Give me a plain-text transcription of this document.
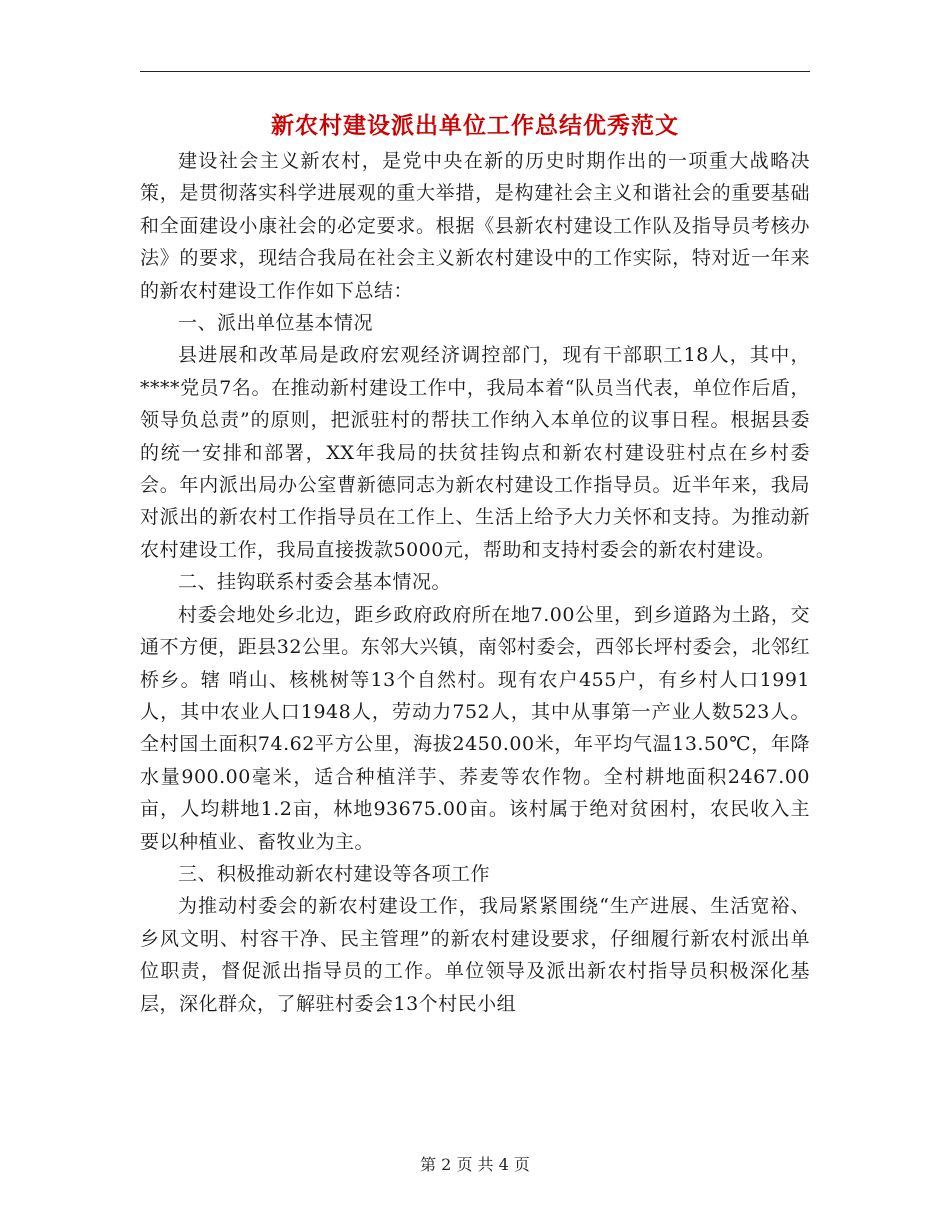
新农村建设派出单位工作总结优秀范文

建设社会主义新农村，是党中央在新的历史时期作出的一项重大战略决策，是贯彻落实科学进展观的重大举措，是构建社会主义和谐社会的重要基础和全面建设小康社会的必定要求。根据《县新农村建设工作队及指导员考核办法》的要求，现结合我局在社会主义新农村建设中的工作实际，特对近一年来的新农村建设工作作如下总结：

一、派出单位基本情况

县进展和改革局是政府宏观经济调控部门，现有干部职工18人，其中，****党员7名。在推动新村建设工作中，我局本着“队员当代表，单位作后盾，领导负总责”的原则，把派驻村的帮扶工作纳入本单位的议事日程。根据县委的统一安排和部署，XX年我局的扶贫挂钩点和新农村建设驻村点在乡村委会。年内派出局办公室曹新德同志为新农村建设工作指导员。近半年来，我局对派出的新农村工作指导员在工作上、生活上给予大力关怀和支持。为推动新农村建设工作，我局直接拨款5000元，帮助和支持村委会的新农村建设。

二、挂钩联系村委会基本情况。

村委会地处乡北边，距乡政府政府所在地7.00公里，到乡道路为土路，交通不方便，距县32公里。东邻大兴镇，南邻村委会，西邻长坪村委会，北邻红桥乡。辖 哨山、核桃树等13个自然村。现有农户455户，有乡村人口1991人，其中农业人口1948人，劳动力752人，其中从事第一产业人数523人。全村国土面积74.62平方公里，海拔2450.00米，年平均气温13.50℃，年降水量900.00毫米，适合种植洋芋、荞麦等农作物。全村耕地面积2467.00亩，人均耕地1.2亩，林地93675.00亩。该村属于绝对贫困村，农民收入主要以种植业、畜牧业为主。

三、积极推动新农村建设等各项工作

为推动村委会的新农村建设工作，我局紧紧围绕“生产进展、生活宽裕、乡风文明、村容干净、民主管理”的新农村建设要求，仔细履行新农村派出单位职责，督促派出指导员的工作。单位领导及派出新农村指导员积极深化基层，深化群众，了解驻村委会13个村民小组

第 2 页 共 4 页
